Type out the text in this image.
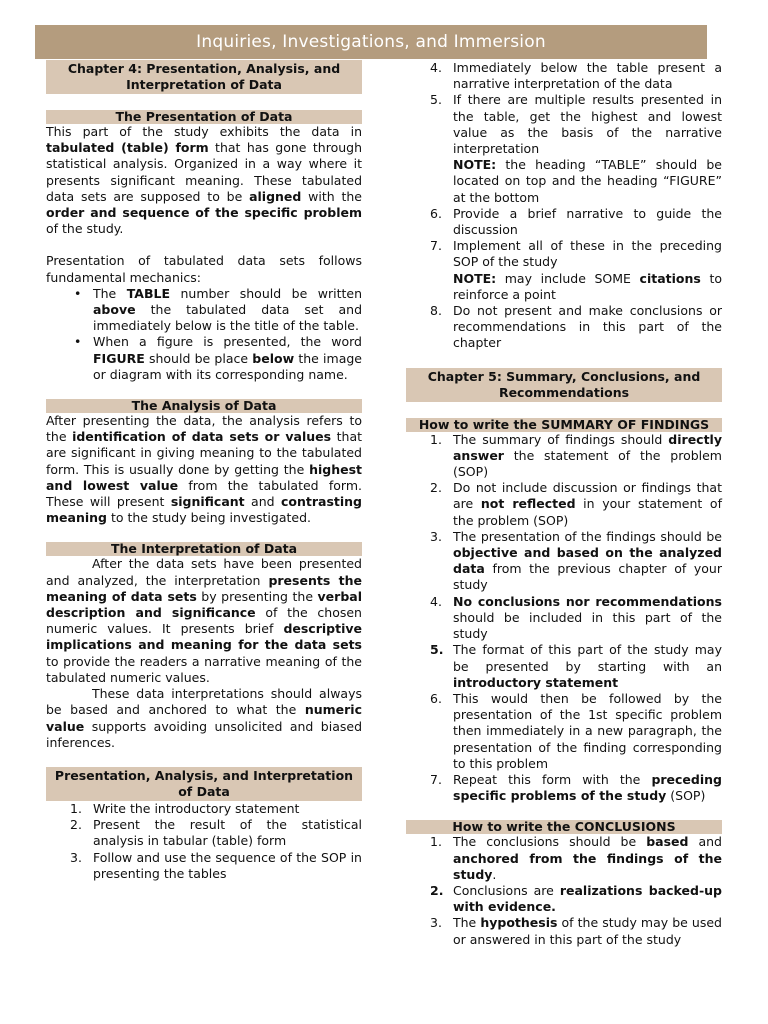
Inquiries, Investigations, and Immersion
Chapter 4: Presentation, Analysis, and Interpretation of Data
The Presentation of Data

This part of the study exhibits the data in tabulated (table) form that has gone through statistical analysis. Organized in a way where it presents significant meaning. These tabulated data sets are supposed to be aligned with the order and sequence of the specific problem of the study.

Presentation of tabulated data sets follows fundamental mechanics:

• The TABLE number should be written above the tabulated data set and immediately below is the title of the table.
• When a figure is presented, the word FIGURE should be place below the image or diagram with its corresponding name.
The Analysis of Data

After presenting the data, the analysis refers to the identification of data sets or values that are significant in giving meaning to the tabulated form. This is usually done by getting the highest and lowest value from the tabulated form. These will present significant and contrasting meaning to the study being investigated.

The Interpretation of Data

After the data sets have been presented and analyzed, the interpretation presents the meaning of data sets by presenting the verbal description and significance of the chosen numeric values. It presents brief descriptive implications and meaning for the data sets to provide the readers a narrative meaning of the tabulated numeric values.

These data interpretations should always be based and anchored to what the numeric value supports avoiding unsolicited and biased inferences.

Presentation, Analysis, and Interpretation of Data
1. Write the introductory statement
2. Present the result of the statistical analysis in tabular (table) form
3. Follow and use the sequence of the SOP in presenting the tables
4. Immediately below the table present a narrative interpretation of the data
5. If there are multiple results presented in the table, get the highest and lowest value as the basis of the narrative interpretation
NOTE: the heading “TABLE” should be located on top and the heading “FIGURE” at the bottom
6. Provide a brief narrative to guide the discussion
7. Implement all of these in the preceding SOP of the study
NOTE: may include SOME citations to reinforce a point
8. Do not present and make conclusions or recommendations in this part of the chapter
Chapter 5: Summary, Conclusions, and Recommendations
How to write the SUMMARY OF FINDINGS
1. The summary of findings should directly answer the statement of the problem (SOP)
2. Do not include discussion or findings that are not reflected in your statement of the problem (SOP)
3. The presentation of the findings should be objective and based on the analyzed data from the previous chapter of your study
4. No conclusions nor recommendations should be included in this part of the study
5. The format of this part of the study may be presented by starting with an introductory statement
6. This would then be followed by the presentation of the 1st specific problem then immediately in a new paragraph, the presentation of the finding corresponding to this problem
7. Repeat this form with the preceding specific problems of the study (SOP)
How to write the CONCLUSIONS
1. The conclusions should be based and anchored from the findings of the study.
2. Conclusions are realizations backed-up with evidence.
3. The hypothesis of the study may be used or answered in this part of the study
